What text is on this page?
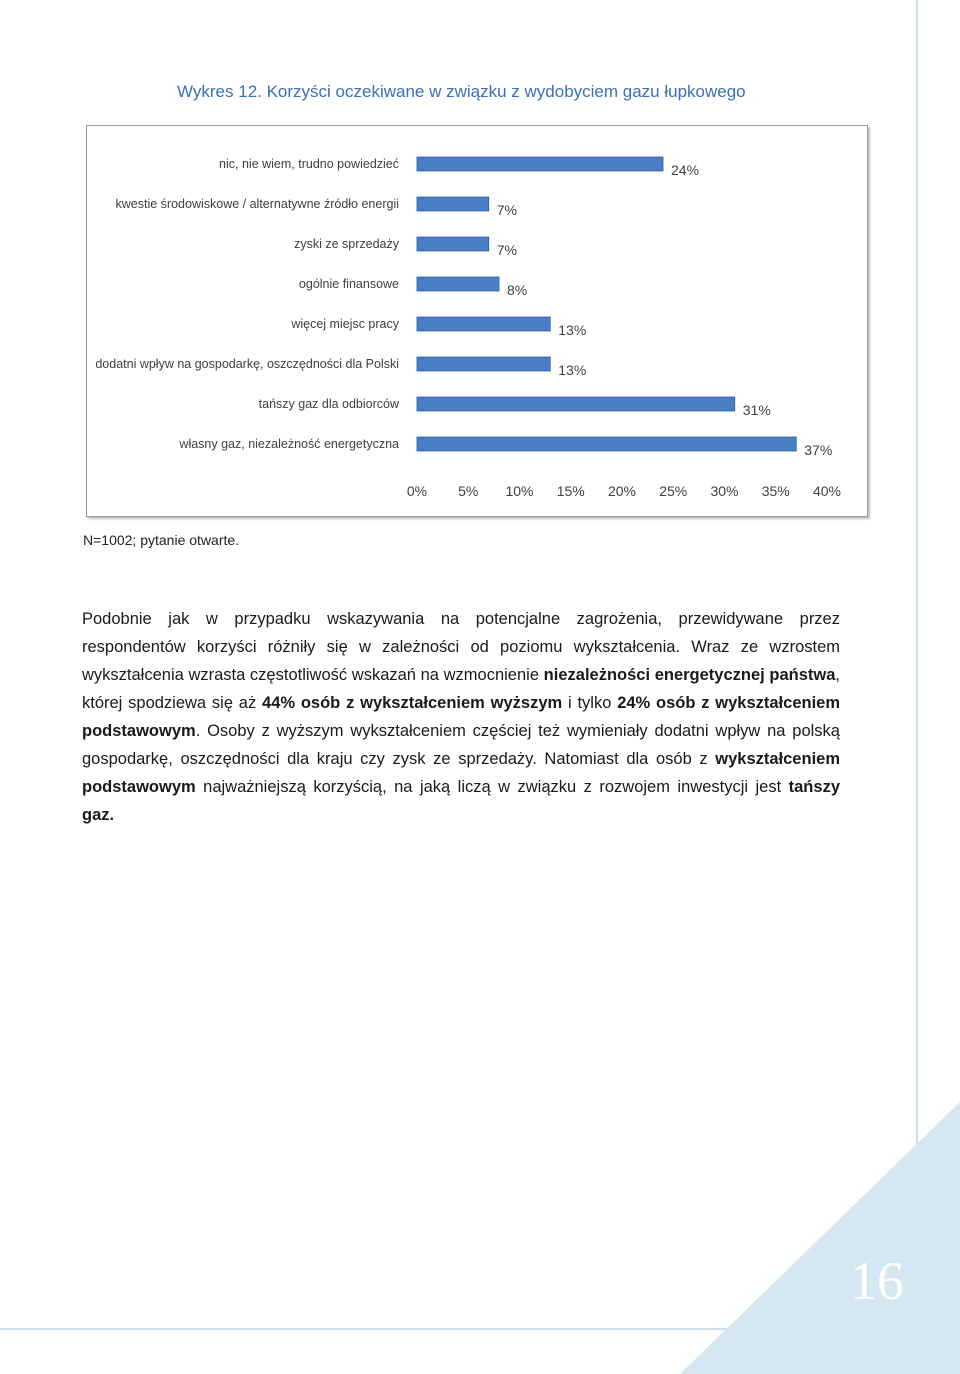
16
Wykres 12. Korzyści oczekiwane w związku z wydobyciem gazu łupkowego
nic, nie wiem, trudno powiedzieć	24%
kwestie środowiskowe / alternatywne źródło energii	7%
zyski ze sprzedaży	7%
ogólnie finansowe	8%
więcej miejsc pracy	13%
dodatni wpływ na gospodarkę, oszczędności dla Polski	13%
tańszy gaz dla odbiorców	31%
własny gaz, niezależność energetyczna	37%
0% 5% 10% 15% 20% 25% 30% 35% 40%
N=1002; pytanie otwarte.
Podobnie jak w przypadku wskazywania na potencjalne zagrożenia, przewidywane przez respondentów korzyści różniły się w zależności od poziomu wykształcenia. Wraz ze wzrostem wykształcenia wzrasta częstotliwość wskazań na wzmocnienie niezależności energetycznej państwa, której spodziewa się aż 44% osób z wykształceniem wyższym i tylko 24% osób z wykształceniem podstawowym. Osoby z wyższym wykształceniem częściej też wymieniały dodatni wpływ na polską gospodarkę, oszczędności dla kraju czy zysk ze sprzedaży. Natomiast dla osób z wykształceniem podstawowym najważniejszą korzyścią, na jaką liczą w związku z rozwojem inwestycji jest tańszy gaz.
